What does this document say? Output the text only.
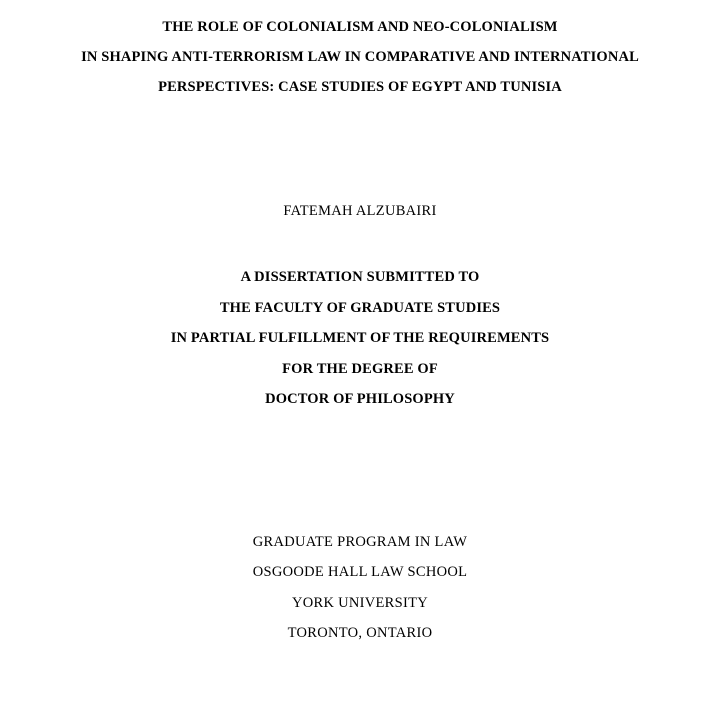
THE ROLE OF COLONIALISM AND NEO-COLONIALISM
IN SHAPING ANTI-TERRORISM LAW IN COMPARATIVE AND INTERNATIONAL
PERSPECTIVES: CASE STUDIES OF EGYPT AND TUNISIA
FATEMAH ALZUBAIRI
A DISSERTATION SUBMITTED TO
THE FACULTY OF GRADUATE STUDIES
IN PARTIAL FULFILLMENT OF THE REQUIREMENTS
FOR THE DEGREE OF
DOCTOR OF PHILOSOPHY
GRADUATE PROGRAM IN LAW
OSGOODE HALL LAW SCHOOL
YORK UNIVERSITY
TORONTO, ONTARIO
